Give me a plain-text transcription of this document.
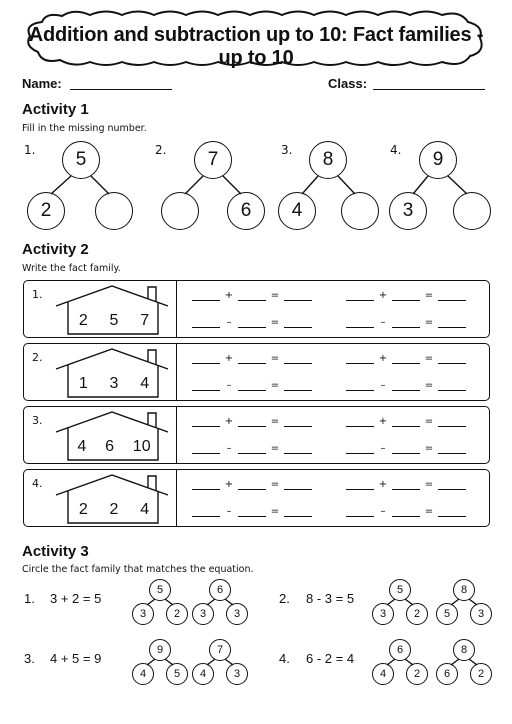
Addition and subtraction up to 10: Fact families - up to 10
Name:	Class:
Activity 1
Fill in the missing number.
1.	5
2
2.	7
6
3.	8
4
4.	9
3
Activity 2
Write the fact family.
1.
2 5 7
+	=	+	=
–	=	–	=
2.
1 3 4
+	=	+	=
–	=	–	=
3.
4 6 10
+	=	+	=
–	=	–	=
4.
2 2 4
+	=	+	=
–	=	–	=
Activity 3
Circle the fact family that matches the equation.
1. 3 + 2 = 5
5
3	2
6
3	3
2. 8 - 3 = 5
5
3	2
8
5	3
3. 4 + 5 = 9
9
4	5
7
4	3
4. 6 - 2 = 4
6
4	2
8
6	2
